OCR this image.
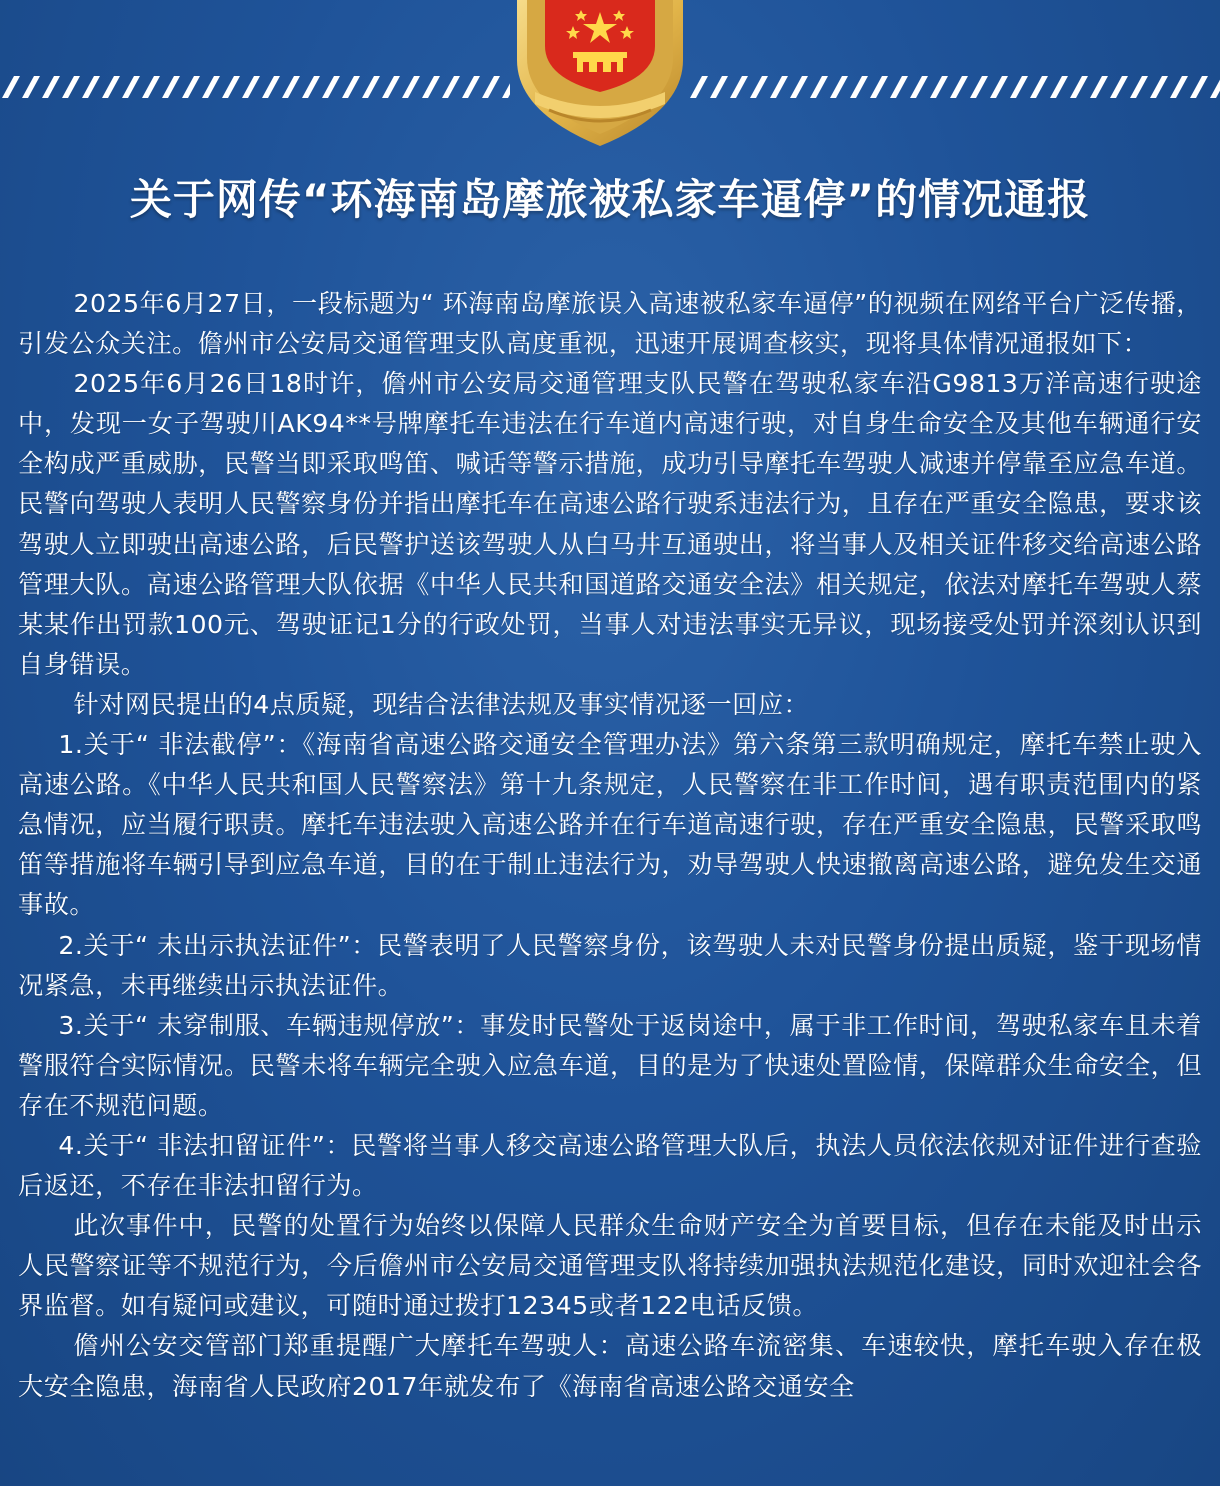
关于网传“环海南岛摩旅被私家车逼停”的情况通报

2025年6月27日，一段标题为“ 环海南岛摩旅误入高速被私家车逼停”的视频在网络平台广泛传播，引发公众关注。儋州市公安局交通管理支队高度重视，迅速开展调查核实，现将具体情况通报如下：

2025年6月26日18时许，儋州市公安局交通管理支队民警在驾驶私家车沿G9813万洋高速行驶途中，发现一女子驾驶川AK94**号牌摩托车违法在行车道内高速行驶，对自身生命安全及其他车辆通行安全构成严重威胁，民警当即采取鸣笛、喊话等警示措施，成功引导摩托车驾驶人减速并停靠至应急车道。民警向驾驶人表明人民警察身份并指出摩托车在高速公路行驶系违法行为，且存在严重安全隐患，要求该驾驶人立即驶出高速公路，后民警护送该驾驶人从白马井互通驶出，将当事人及相关证件移交给高速公路管理大队。高速公路管理大队依据《中华人民共和国道路交通安全法》相关规定，依法对摩托车驾驶人蔡某某作出罚款100元、驾驶证记1分的行政处罚，当事人对违法事实无异议，现场接受处罚并深刻认识到自身错误。

针对网民提出的4点质疑，现结合法律法规及事实情况逐一回应：

1.关于“ 非法截停”：《海南省高速公路交通安全管理办法》第六条第三款明确规定，摩托车禁止驶入高速公路。《中华人民共和国人民警察法》第十九条规定，人民警察在非工作时间，遇有职责范围内的紧急情况，应当履行职责。摩托车违法驶入高速公路并在行车道高速行驶，存在严重安全隐患，民警采取鸣笛等措施将车辆引导到应急车道，目的在于制止违法行为，劝导驾驶人快速撤离高速公路，避免发生交通事故。

2.关于“ 未出示执法证件”：民警表明了人民警察身份，该驾驶人未对民警身份提出质疑，鉴于现场情况紧急，未再继续出示执法证件。

3.关于“ 未穿制服、车辆违规停放”：事发时民警处于返岗途中，属于非工作时间，驾驶私家车且未着警服符合实际情况。民警未将车辆完全驶入应急车道，目的是为了快速处置险情，保障群众生命安全，但存在不规范问题。

4.关于“ 非法扣留证件”：民警将当事人移交高速公路管理大队后，执法人员依法依规对证件进行查验后返还，不存在非法扣留行为。

此次事件中，民警的处置行为始终以保障人民群众生命财产安全为首要目标，但存在未能及时出示人民警察证等不规范行为，今后儋州市公安局交通管理支队将持续加强执法规范化建设，同时欢迎社会各界监督。如有疑问或建议，可随时通过拨打12345或者122电话反馈。

儋州公安交管部门郑重提醒广大摩托车驾驶人：高速公路车流密集、车速较快，摩托车驶入存在极大安全隐患，海南省人民政府2017年就发布了《海南省高速公路交通安全
